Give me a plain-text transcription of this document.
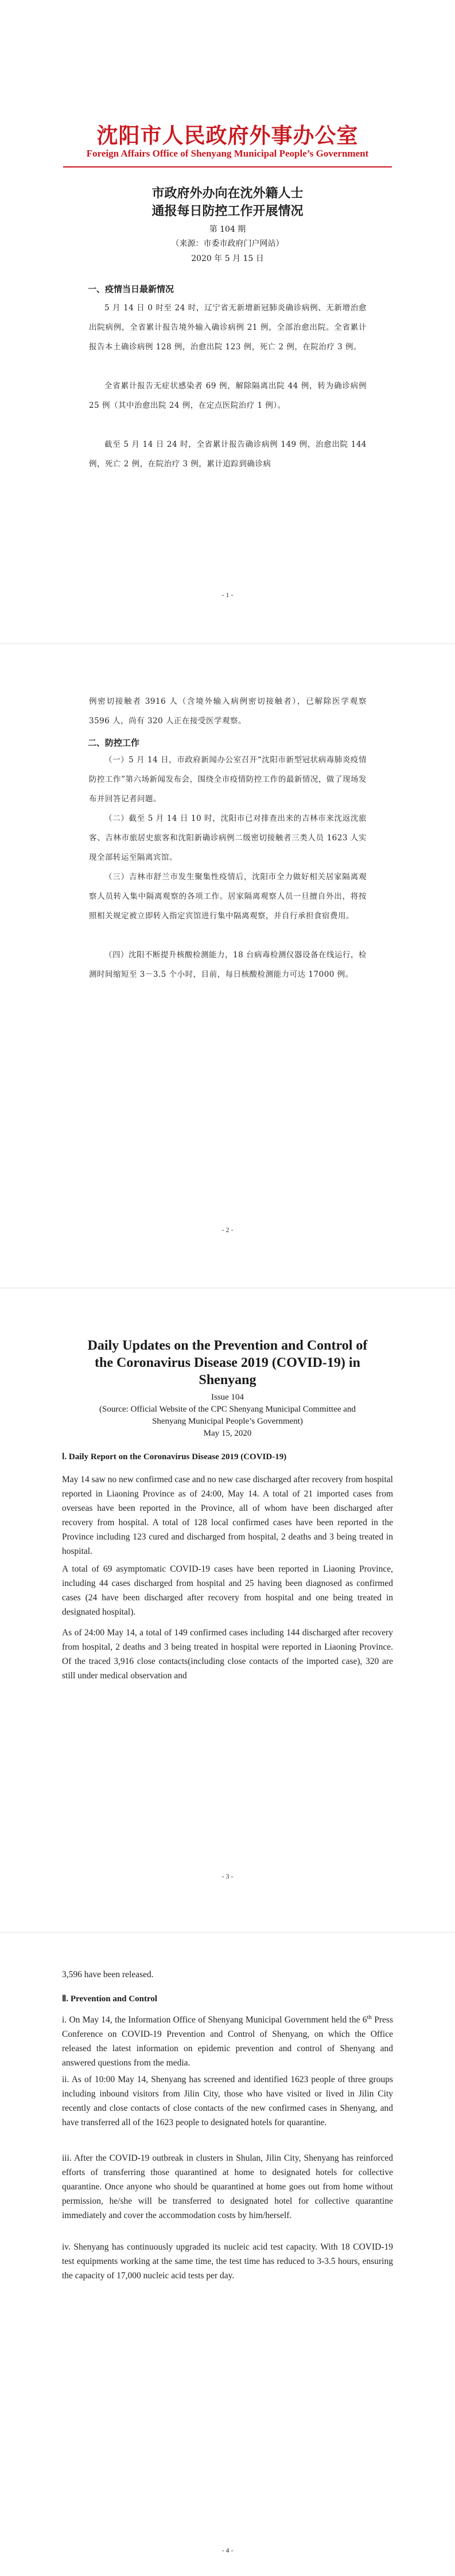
沈阳市人民政府外事办公室
Foreign Affairs Office of Shenyang Municipal People’s Government
市政府外办向在沈外籍人士
通报每日防控工作开展情况
第 104 期
（来源：市委市政府门户网站）
2020 年 5 月 15 日
一、疫情当日最新情况

5 月 14 日 0 时至 24 时，辽宁省无新增新冠肺炎确诊病例、无新增治愈出院病例，全省累计报告境外输入确诊病例 21 例，全部治愈出院。全省累计报告本土确诊病例 128 例，治愈出院 123 例，死亡 2 例，在院治疗 3 例。

全省累计报告无症状感染者 69 例，解除隔离出院 44 例，转为确诊病例 25 例（其中治愈出院 24 例，在定点医院治疗 1 例）。

截至 5 月 14 日 24 时，全省累计报告确诊病例 149 例，治愈出院 144 例，死亡 2 例，在院治疗 3 例，累计追踪到确诊病

- 1 -

例密切接触者 3916 人（含境外输入病例密切接触者），已解除医学观察 3596 人，尚有 320 人正在接受医学观察。

二、防控工作

（一）5 月 14 日，市政府新闻办公室召开“沈阳市新型冠状病毒肺炎疫情防控工作”第六场新闻发布会，围绕全市疫情防控工作的最新情况，做了现场发布并回答记者问题。

（二）截至 5 月 14 日 10 时，沈阳市已对排查出来的吉林市来沈返沈旅客、吉林市旅居史旅客和沈阳新确诊病例二级密切接触者三类人员 1623 人实现全部转运至隔离宾馆。

（三）吉林市舒兰市发生聚集性疫情后，沈阳市全力做好相关居家隔离观察人员转入集中隔离观察的各项工作。居家隔离观察人员一旦擅自外出，将按照相关规定被立即转入指定宾馆进行集中隔离观察，并自行承担食宿费用。

（四）沈阳不断提升核酸检测能力，18 台病毒检测仪器设备在线运行，检测时间缩短至 3－3.5 个小时，目前，每日核酸检测能力可达 17000 例。

- 2 -
Daily Updates on the Prevention and Control of
the Coronavirus Disease 2019 (COVID-19) in
Shenyang
Issue 104
(Source: Official Website of the CPC Shenyang Municipal Committee and
Shenyang Municipal People’s Government)
May 15, 2020
Ⅰ. Daily Report on the Coronavirus Disease 2019 (COVID-19)

May 14 saw no new confirmed case and no new case discharged after recovery from hospital reported in Liaoning Province as of 24:00, May 14. A total of 21 imported cases from overseas have been reported in the Province, all of whom have been discharged after recovery from hospital. A total of 128 local confirmed cases have been reported in the Province including 123 cured and discharged from hospital, 2 deaths and 3 being treated in hospital.

A total of 69 asymptomatic COVID-19 cases have been reported in Liaoning Province, including 44 cases discharged from hospital and 25 having been diagnosed as confirmed cases (24 have been discharged after recovery from hospital and one being treated in designated hospital).

As of 24:00 May 14, a total of 149 confirmed cases including 144 discharged after recovery from hospital, 2 deaths and 3 being treated in hospital were reported in Liaoning Province. Of the traced 3,916 close contacts(including close contacts of the imported case), 320 are still under medical observation and

- 3 -

3,596 have been released.

Ⅱ. Prevention and Control

i. On May 14, the Information Office of Shenyang Municipal Government held the 6th Press Conference on COVID-19 Prevention and Control of Shenyang, on which the Office released the latest information on epidemic prevention and control of Shenyang and answered questions from the media.

ii. As of 10:00 May 14, Shenyang has screened and identified 1623 people of three groups including inbound visitors from Jilin City, those who have visited or lived in Jilin City recently and close contacts of close contacts of the new confirmed cases in Shenyang, and have transferred all of the 1623 people to designated hotels for quarantine.

iii. After the COVID-19 outbreak in clusters in Shulan, Jilin City, Shenyang has reinforced efforts of transferring those quarantined at home to designated hotels for collective quarantine. Once anyone who should be quarantined at home goes out from home without permission, he/she will be transferred to designated hotel for collective quarantine immediately and cover the accommodation costs by him/herself.

iv. Shenyang has continuously upgraded its nucleic acid test capacity. With 18 COVID-19 test equipments working at the same time, the test time has reduced to 3-3.5 hours, ensuring the capacity of 17,000 nucleic acid tests per day.

- 4 -
